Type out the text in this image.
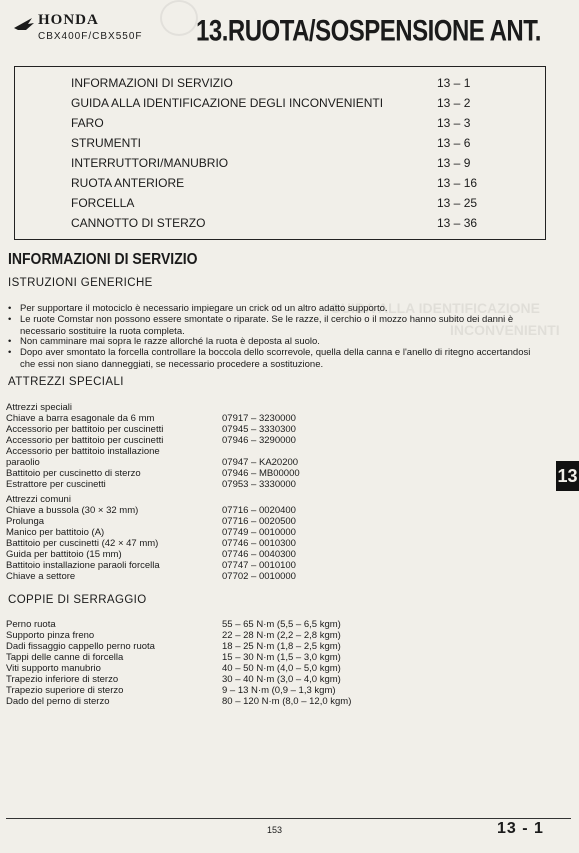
GUIDA ALLA IDENTIFICAZIONE
INCONVENIENTI
HONDA
CBX400F/CBX550F 13.RUOTA/SOSPENSIONE ANT.
INFORMAZIONI DI SERVIZIO	13 – 1
GUIDA ALLA IDENTIFICAZIONE DEGLI INCONVENIENTI	13 – 2
FARO	13 – 3
STRUMENTI	13 – 6
INTERRUTTORI/MANUBRIO	13 – 9
RUOTA ANTERIORE	13 – 16
FORCELLA	13 – 25
CANNOTTO DI STERZO	13 – 36
INFORMAZIONI DI SERVIZIO
ISTRUZIONI GENERICHE
• Per supportare il motociclo è necessario impiegare un crick od un altro adatto supporto.
• Le ruote Comstar non possono essere smontate o riparate. Se le razze, il cerchio o il mozzo hanno subito dei danni è necessario sostituire la ruota completa.
• Non camminare mai sopra le razze allorché la ruota è deposta al suolo.
• Dopo aver smontato la forcella controllare la boccola dello scorrevole, quella della canna e l'anello di ritegno accertandosi che essi non siano danneggiati, se necessario procedere a sostituzione.
ATTREZZI SPECIALI
Attrezzi speciali
Chiave a barra esagonale da 6 mm	07917 – 3230000
Accessorio per battitoio per cuscinetti	07945 – 3330300
Accessorio per battitoio per cuscinetti	07946 – 3290000
Accessorio per battitoio installazione
paraolio	07947 – KA20200
Battitoio per cuscinetto di sterzo	07946 – MB00000
Estrattore per cuscinetti	07953 – 3330000
Attrezzi comuni
Chiave a bussola (30 × 32 mm)	07716 – 0020400
Prolunga	07716 – 0020500
Manico per battitoio (A)	07749 – 0010000
Battitoio per cuscinetti (42 × 47 mm)	07746 – 0010300
Guida per battitoio (15 mm)	07746 – 0040300
Battitoio installazione paraoli forcella	07747 – 0010100
Chiave a settore	07702 – 0010000
COPPIE DI SERRAGGIO
Perno ruota	55 – 65 N·m (5,5 – 6,5 kgm)
Supporto pinza freno	22 – 28 N·m (2,2 – 2,8 kgm)
Dadi fissaggio cappello perno ruota	18 – 25 N·m (1,8 – 2,5 kgm)
Tappi delle canne di forcella	15 – 30 N·m (1,5 – 3,0 kgm)
Viti supporto manubrio	40 – 50 N·m (4,0 – 5,0 kgm)
Trapezio inferiore di sterzo	30 – 40 N·m (3,0 – 4,0 kgm)
Trapezio superiore di sterzo	9 – 13 N·m (0,9 – 1,3 kgm)
Dado del perno di sterzo	80 – 120 N·m (8,0 – 12,0 kgm)
13
153	13 - 1
